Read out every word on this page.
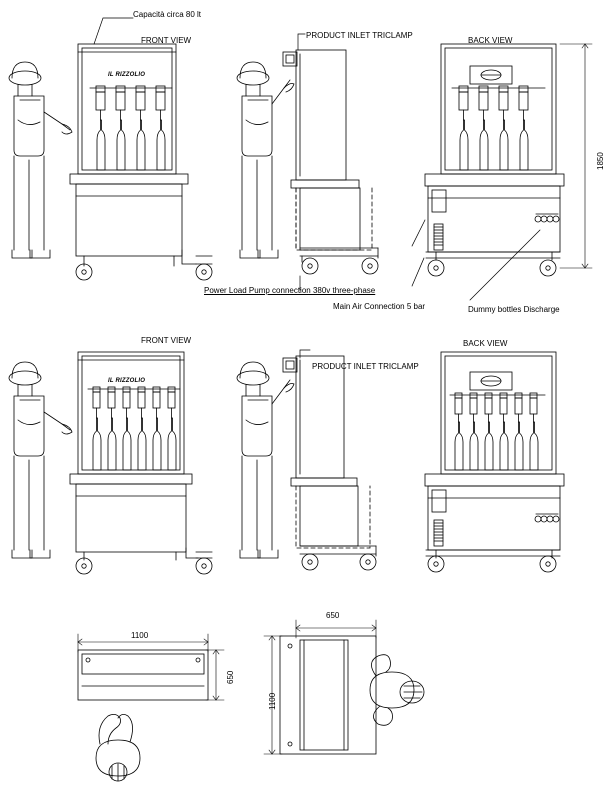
Capacità circa 80 lt
FRONT VIEW
PRODUCT INLET TRICLAMP
BACK VIEW
Power Load Pump connection 380v three-phase
Main Air Connection 5 bar	Dummy bottles Discharge
FRONT VIEW
PRODUCT INLET TRICLAMP
BACK VIEW
1850
1100
650
650
1100
IL RIZZOLIO
IL RIZZOLIO
